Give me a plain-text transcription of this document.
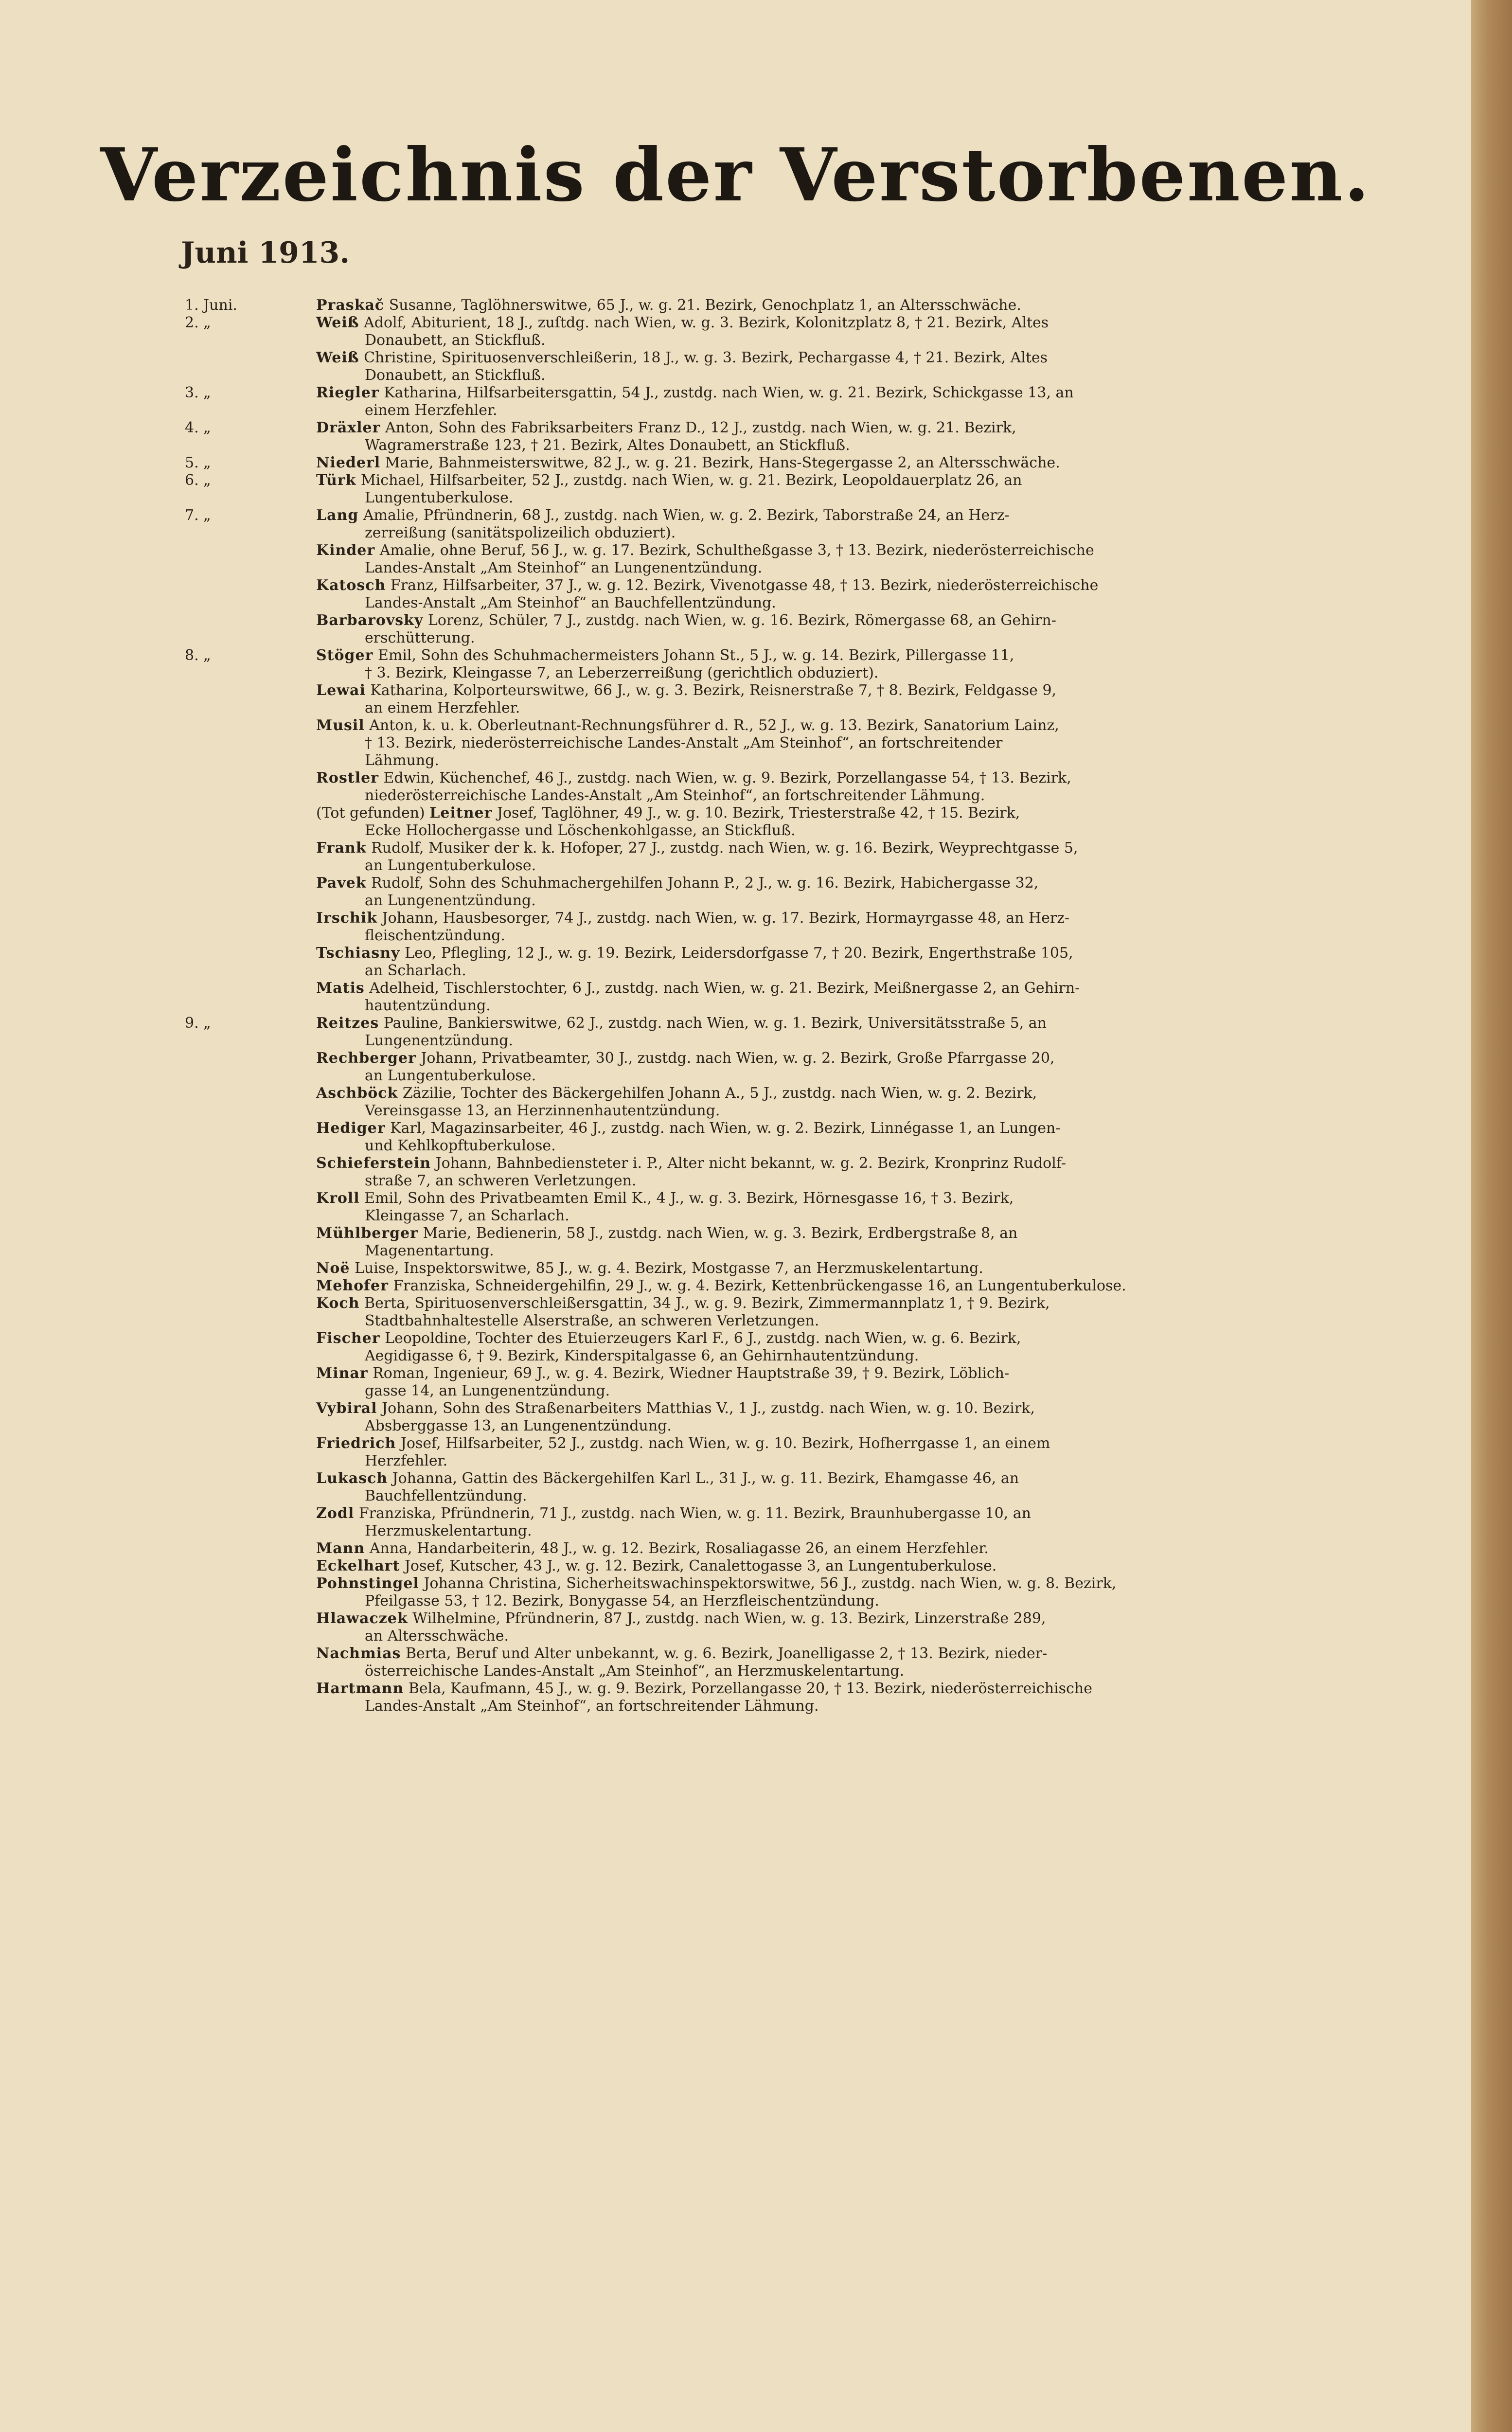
Verzeichnis der Verstorbenen.
Juni 1913.
1. Juni.	Praskač Susanne, Taglöhnerswitwe, 65 J., w. g. 21. Bezirk, Genochplatz 1, an Altersschwäche.
2. „	Weiß Adolf, Abiturient, 18 J., zuſtdg. nach Wien, w. g. 3. Bezirk, Kolonitzplatz 8, † 21. Bezirk, Altes
Donaubett, an Stickfluß.
Weiß Christine, Spirituosenverschleißerin, 18 J., w. g. 3. Bezirk, Pechargasse 4, † 21. Bezirk, Altes
Donaubett, an Stickfluß.
3. „	Riegler Katharina, Hilfsarbeitersgattin, 54 J., zustdg. nach Wien, w. g. 21. Bezirk, Schickgasse 13, an
einem Herzfehler.
4. „	Dräxler Anton, Sohn des Fabriksarbeiters Franz D., 12 J., zustdg. nach Wien, w. g. 21. Bezirk,
Wagramerstraße 123, † 21. Bezirk, Altes Donaubett, an Stickfluß.
5. „	Niederl Marie, Bahnmeisterswitwe, 82 J., w. g. 21. Bezirk, Hans-Stegergasse 2, an Altersschwäche.
6. „	Türk Michael, Hilfsarbeiter, 52 J., zustdg. nach Wien, w. g. 21. Bezirk, Leopoldauerplatz 26, an
Lungentuberkulose.
7. „	Lang Amalie, Pfründnerin, 68 J., zustdg. nach Wien, w. g. 2. Bezirk, Taborstraße 24, an Herz-
zerreißung (sanitätspolizeilich obduziert).
Kinder Amalie, ohne Beruf, 56 J., w. g. 17. Bezirk, Schultheßgasse 3, † 13. Bezirk, niederösterreichische
Landes-Anstalt „Am Steinhof“ an Lungenentzündung.
Katosch Franz, Hilfsarbeiter, 37 J., w. g. 12. Bezirk, Vivenotgasse 48, † 13. Bezirk, niederösterreichische
Landes-Anstalt „Am Steinhof“ an Bauchfellentzündung.
Barbarovsky Lorenz, Schüler, 7 J., zustdg. nach Wien, w. g. 16. Bezirk, Römergasse 68, an Gehirn-
erschütterung.
8. „	Stöger Emil, Sohn des Schuhmachermeisters Johann St., 5 J., w. g. 14. Bezirk, Pillergasse 11,
† 3. Bezirk, Kleingasse 7, an Leberzerreißung (gerichtlich obduziert).
Lewai Katharina, Kolporteurswitwe, 66 J., w. g. 3. Bezirk, Reisnerstraße 7, † 8. Bezirk, Feldgasse 9,
an einem Herzfehler.
Musil Anton, k. u. k. Oberleutnant-Rechnungsführer d. R., 52 J., w. g. 13. Bezirk, Sanatorium Lainz,
† 13. Bezirk, niederösterreichische Landes-Anstalt „Am Steinhof“, an fortschreitender
Lähmung.
Rostler Edwin, Küchenchef, 46 J., zustdg. nach Wien, w. g. 9. Bezirk, Porzellangasse 54, † 13. Bezirk,
niederösterreichische Landes-Anstalt „Am Steinhof“, an fortschreitender Lähmung.
(Tot gefunden) Leitner Josef, Taglöhner, 49 J., w. g. 10. Bezirk, Triesterstraße 42, † 15. Bezirk,
Ecke Hollochergasse und Löschenkohlgasse, an Stickfluß.
Frank Rudolf, Musiker der k. k. Hofoper, 27 J., zustdg. nach Wien, w. g. 16. Bezirk, Weyprechtgasse 5,
an Lungentuberkulose.
Pavek Rudolf, Sohn des Schuhmachergehilfen Johann P., 2 J., w. g. 16. Bezirk, Habichergasse 32,
an Lungenentzündung.
Irschik Johann, Hausbesorger, 74 J., zustdg. nach Wien, w. g. 17. Bezirk, Hormayrgasse 48, an Herz-
fleischentzündung.
Tschiasny Leo, Pflegling, 12 J., w. g. 19. Bezirk, Leidersdorfgasse 7, † 20. Bezirk, Engerthstraße 105,
an Scharlach.
Matis Adelheid, Tischlerstochter, 6 J., zustdg. nach Wien, w. g. 21. Bezirk, Meißnergasse 2, an Gehirn-
hautentzündung.
9. „	Reitzes Pauline, Bankierswitwe, 62 J., zustdg. nach Wien, w. g. 1. Bezirk, Universitätsstraße 5, an
Lungenentzündung.
Rechberger Johann, Privatbeamter, 30 J., zustdg. nach Wien, w. g. 2. Bezirk, Große Pfarrgasse 20,
an Lungentuberkulose.
Aschböck Zäzilie, Tochter des Bäckergehilfen Johann A., 5 J., zustdg. nach Wien, w. g. 2. Bezirk,
Vereinsgasse 13, an Herzinnenhautentzündung.
Hediger Karl, Magazinsarbeiter, 46 J., zustdg. nach Wien, w. g. 2. Bezirk, Linnégasse 1, an Lungen-
und Kehlkopftuberkulose.
Schieferstein Johann, Bahnbediensteter i. P., Alter nicht bekannt, w. g. 2. Bezirk, Kronprinz Rudolf-
straße 7, an schweren Verletzungen.
Kroll Emil, Sohn des Privatbeamten Emil K., 4 J., w. g. 3. Bezirk, Hörnesgasse 16, † 3. Bezirk,
Kleingasse 7, an Scharlach.
Mühlberger Marie, Bedienerin, 58 J., zustdg. nach Wien, w. g. 3. Bezirk, Erdbergstraße 8, an
Magenentartung.
Noë Luise, Inspektorswitwe, 85 J., w. g. 4. Bezirk, Mostgasse 7, an Herzmuskelentartung.
Mehofer Franziska, Schneidergehilfin, 29 J., w. g. 4. Bezirk, Kettenbrückengasse 16, an Lungentuberkulose.
Koch Berta, Spirituosenverschleißersgattin, 34 J., w. g. 9. Bezirk, Zimmermannplatz 1, † 9. Bezirk,
Stadtbahnhaltestelle Alserstraße, an schweren Verletzungen.
Fischer Leopoldine, Tochter des Etuierzeugers Karl F., 6 J., zustdg. nach Wien, w. g. 6. Bezirk,
Aegidigasse 6, † 9. Bezirk, Kinderspitalgasse 6, an Gehirnhautentzündung.
Minar Roman, Ingenieur, 69 J., w. g. 4. Bezirk, Wiedner Hauptstraße 39, † 9. Bezirk, Löblich-
gasse 14, an Lungenentzündung.
Vybiral Johann, Sohn des Straßenarbeiters Matthias V., 1 J., zustdg. nach Wien, w. g. 10. Bezirk,
Absberggasse 13, an Lungenentzündung.
Friedrich Josef, Hilfsarbeiter, 52 J., zustdg. nach Wien, w. g. 10. Bezirk, Hofherrgasse 1, an einem
Herzfehler.
Lukasch Johanna, Gattin des Bäckergehilfen Karl L., 31 J., w. g. 11. Bezirk, Ehamgasse 46, an
Bauchfellentzündung.
Zodl Franziska, Pfründnerin, 71 J., zustdg. nach Wien, w. g. 11. Bezirk, Braunhubergasse 10, an
Herzmuskelentartung.
Mann Anna, Handarbeiterin, 48 J., w. g. 12. Bezirk, Rosaliagasse 26, an einem Herzfehler.
Eckelhart Josef, Kutscher, 43 J., w. g. 12. Bezirk, Canalettogasse 3, an Lungentuberkulose.
Pohnstingel Johanna Christina, Sicherheitswachinspektorswitwe, 56 J., zustdg. nach Wien, w. g. 8. Bezirk,
Pfeilgasse 53, † 12. Bezirk, Bonygasse 54, an Herzfleischentzündung.
Hlawaczek Wilhelmine, Pfründnerin, 87 J., zustdg. nach Wien, w. g. 13. Bezirk, Linzerstraße 289,
an Altersschwäche.
Nachmias Berta, Beruf und Alter unbekannt, w. g. 6. Bezirk, Joanelligasse 2, † 13. Bezirk, nieder-
österreichische Landes-Anstalt „Am Steinhof“, an Herzmuskelentartung.
Hartmann Bela, Kaufmann, 45 J., w. g. 9. Bezirk, Porzellangasse 20, † 13. Bezirk, niederösterreichische
Landes-Anstalt „Am Steinhof“, an fortschreitender Lähmung.
